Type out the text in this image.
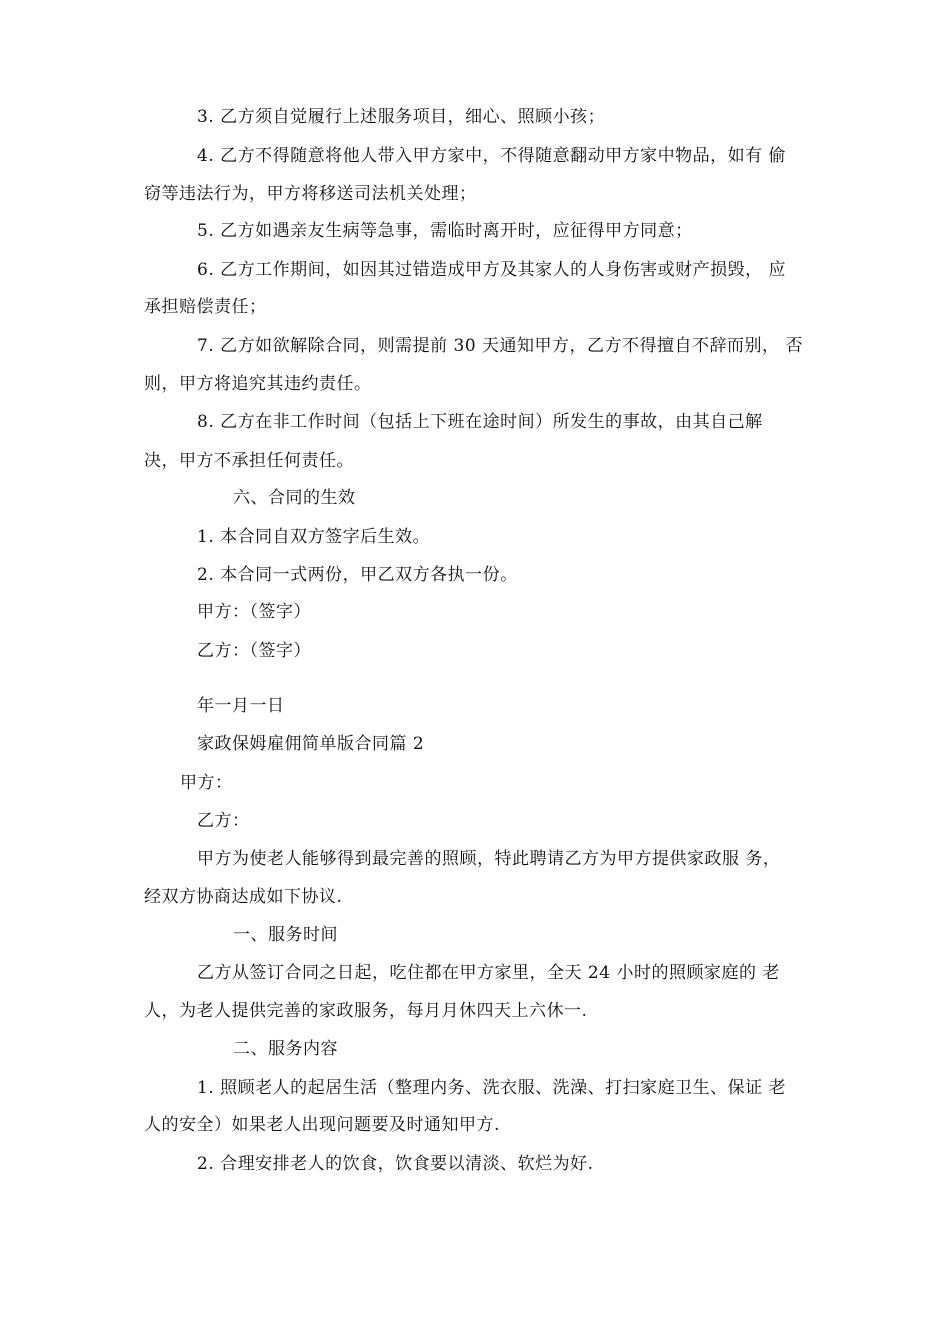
3. 乙方须自觉履行上述服务项目，细心、照顾小孩；
4. 乙方不得随意将他人带入甲方家中，不得随意翻动甲方家中物品，如有 偷
窃等违法行为，甲方将移送司法机关处理；
5. 乙方如遇亲友生病等急事，需临时离开时，应征得甲方同意；
6. 乙方工作期间，如因其过错造成甲方及其家人的人身伤害或财产损毁， 应
承担赔偿责任；
7. 乙方如欲解除合同，则需提前 30 天通知甲方，乙方不得擅自不辞而别， 否
则，甲方将追究其违约责任。
8. 乙方在非工作时间（包括上下班在途时间）所发生的事故，由其自己解
决，甲方不承担任何责任。
六、合同的生效
1. 本合同自双方签字后生效。
2. 本合同一式两份，甲乙双方各执一份。
甲方：（签字）
乙方：（签字）
年一月一日
家政保姆雇佣简单版合同篇 2
甲方：
乙方：
甲方为使老人能够得到最完善的照顾，特此聘请乙方为甲方提供家政服 务，
经双方协商达成如下协议.
一、服务时间
乙方从签订合同之日起，吃住都在甲方家里，全天 24 小时的照顾家庭的 老
人，为老人提供完善的家政服务，每月月休四天上六休一.
二、服务内容
1. 照顾老人的起居生活（整理内务、洗衣服、洗澡、打扫家庭卫生、保证 老
人的安全）如果老人出现问题要及时通知甲方.
2. 合理安排老人的饮食，饮食要以清淡、软烂为好.
